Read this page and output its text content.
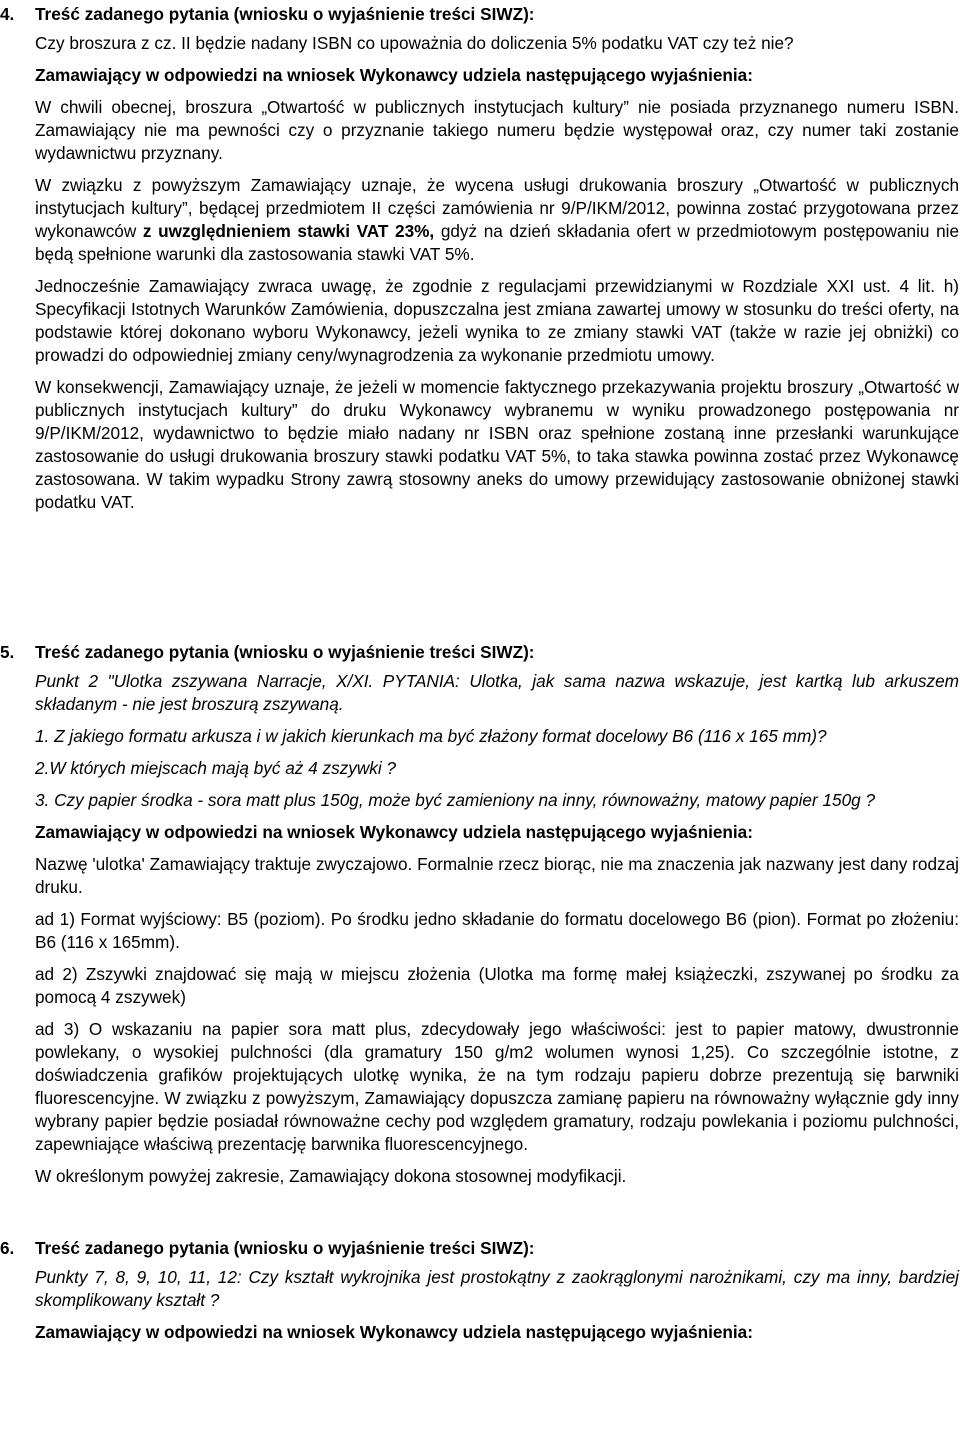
4. Treść zadanego pytania (wniosku o wyjaśnienie treści SIWZ):

Czy broszura z cz. II będzie nadany ISBN co upoważnia do doliczenia 5% podatku VAT czy też nie?

Zamawiający w odpowiedzi na wniosek Wykonawcy udziela następującego wyjaśnienia:

W chwili obecnej, broszura „Otwartość w publicznych instytucjach kultury” nie posiada przyznanego numeru ISBN. Zamawiający nie ma pewności czy o przyznanie takiego numeru będzie występował oraz, czy numer taki zostanie wydawnictwu przyznany.

W związku z powyższym Zamawiający uznaje, że wycena usługi drukowania broszury „Otwartość w publicznych instytucjach kultury”, będącej przedmiotem II części zamówienia nr 9/P/IKM/2012, powinna zostać przygotowana przez wykonawców z uwzględnieniem stawki VAT 23%, gdyż na dzień składania ofert w przedmiotowym postępowaniu nie będą spełnione warunki dla zastosowania stawki VAT 5%.

Jednocześnie Zamawiający zwraca uwagę, że zgodnie z regulacjami przewidzianymi w Rozdziale XXI ust. 4 lit. h) Specyfikacji Istotnych Warunków Zamówienia, dopuszczalna jest zmiana zawartej umowy w stosunku do treści oferty, na podstawie której dokonano wyboru Wykonawcy, jeżeli wynika to ze zmiany stawki VAT (także w razie jej obniżki) co prowadzi do odpowiedniej zmiany ceny/wynagrodzenia za wykonanie przedmiotu umowy.

W konsekwencji, Zamawiający uznaje, że jeżeli w momencie faktycznego przekazywania projektu broszury „Otwartość w publicznych instytucjach kultury” do druku Wykonawcy wybranemu w wyniku prowadzonego postępowania nr 9/P/IKM/2012, wydawnictwo to będzie miało nadany nr ISBN oraz spełnione zostaną inne przesłanki warunkujące zastosowanie do usługi drukowania broszury stawki podatku VAT 5%, to taka stawka powinna zostać przez Wykonawcę zastosowana. W takim wypadku Strony zawrą stosowny aneks do umowy przewidujący zastosowanie obniżonej stawki podatku VAT.

5. Treść zadanego pytania (wniosku o wyjaśnienie treści SIWZ):

Punkt 2 "Ulotka zszywana Narracje, X/XI. PYTANIA: Ulotka, jak sama nazwa wskazuje, jest kartką lub arkuszem składanym - nie jest broszurą zszywaną.

1. Z jakiego formatu arkusza i w jakich kierunkach ma być złażony format docelowy B6 (116 x 165 mm)?

2.W których miejscach mają być aż 4 zszywki ?

3. Czy papier środka - sora matt plus 150g, może być zamieniony na inny, równoważny, matowy papier 150g ?

Zamawiający w odpowiedzi na wniosek Wykonawcy udziela następującego wyjaśnienia:

Nazwę 'ulotka' Zamawiający traktuje zwyczajowo. Formalnie rzecz biorąc, nie ma znaczenia jak nazwany jest dany rodzaj druku.

ad 1) Format wyjściowy: B5 (poziom). Po środku jedno składanie do formatu docelowego B6 (pion). Format po złożeniu: B6 (116 x 165mm).

ad 2) Zszywki znajdować się mają w miejscu złożenia (Ulotka ma formę małej książeczki, zszywanej po środku za pomocą 4 zszywek)

ad 3) O wskazaniu na papier sora matt plus, zdecydowały jego właściwości: jest to papier matowy, dwustronnie powlekany, o wysokiej pulchności (dla gramatury 150 g/m2 wolumen wynosi 1,25). Co szczególnie istotne, z doświadczenia grafików projektujących ulotkę wynika, że na tym rodzaju papieru dobrze prezentują się barwniki fluorescencyjne. W związku z powyższym, Zamawiający dopuszcza zamianę papieru na równoważny wyłącznie gdy inny wybrany papier będzie posiadał równoważne cechy pod względem gramatury, rodzaju powlekania i poziomu pulchności, zapewniające właściwą prezentację barwnika fluorescencyjnego.

W określonym powyżej zakresie, Zamawiający dokona stosownej modyfikacji.

6. Treść zadanego pytania (wniosku o wyjaśnienie treści SIWZ):

Punkty 7, 8, 9, 10, 11, 12: Czy kształt wykrojnika jest prostokątny z zaokrąglonymi narożnikami, czy ma inny, bardziej skomplikowany kształt ?

Zamawiający w odpowiedzi na wniosek Wykonawcy udziela następującego wyjaśnienia:
